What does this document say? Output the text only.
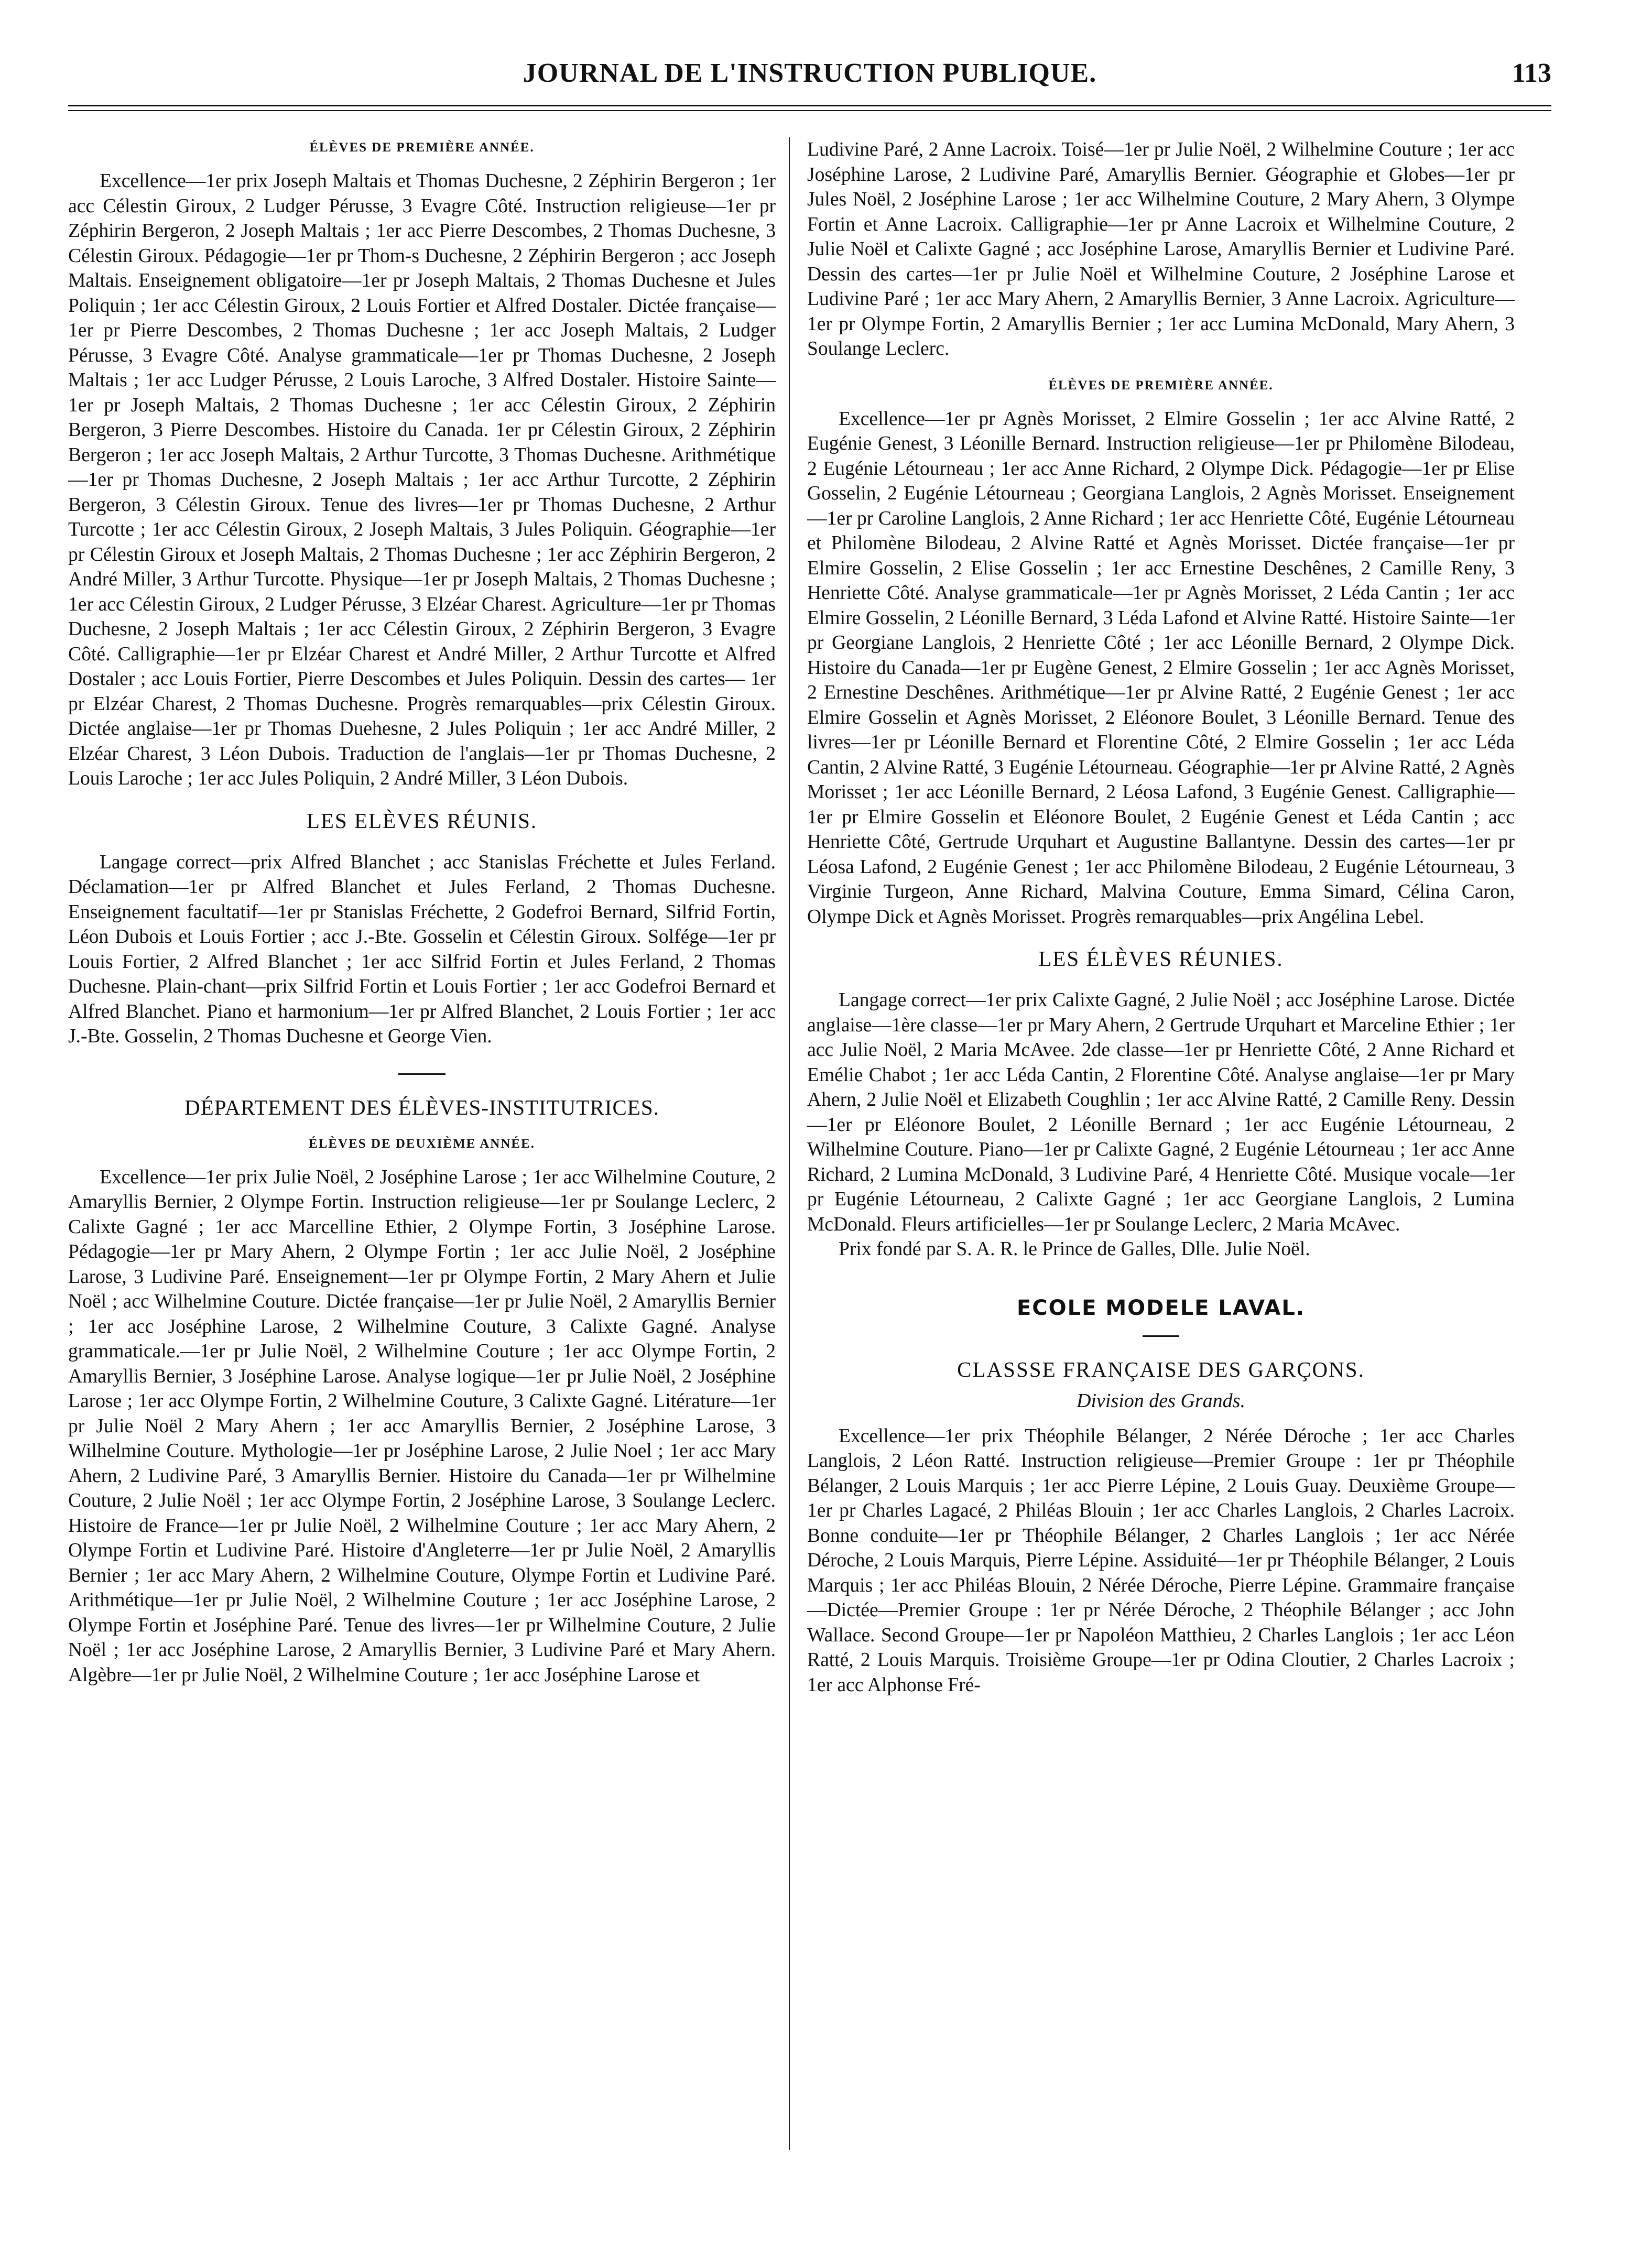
JOURNAL DE L'INSTRUCTION PUBLIQUE.	113
ÉLÈVES DE PREMIÈRE ANNÉE.

Excellence—1er prix Joseph Maltais et Thomas Duchesne, 2 Zéphirin Bergeron ; 1er acc Célestin Giroux, 2 Ludger Pérusse, 3 Evagre Côté. Instruction religieuse—1er pr Zéphirin Bergeron, 2 Joseph Maltais ; 1er acc Pierre Descombes, 2 Thomas Duchesne, 3 Célestin Giroux. Pédagogie—1er pr Thom-s Duchesne, 2 Zéphirin Bergeron ; acc Joseph Maltais. Enseignement obligatoire—1er pr Joseph Maltais, 2 Thomas Duchesne et Jules Poliquin ; 1er acc Célestin Giroux, 2 Louis Fortier et Alfred Dostaler. Dictée française—1er pr Pierre Descombes, 2 Thomas Duchesne ; 1er acc Joseph Maltais, 2 Ludger Pérusse, 3 Evagre Côté. Analyse grammaticale—1er pr Thomas Duchesne, 2 Joseph Maltais ; 1er acc Ludger Pérusse, 2 Louis Laroche, 3 Alfred Dostaler. Histoire Sainte—1er pr Joseph Maltais, 2 Thomas Duchesne ; 1er acc Célestin Giroux, 2 Zéphirin Bergeron, 3 Pierre Descombes. Histoire du Canada. 1er pr Célestin Giroux, 2 Zéphirin Bergeron ; 1er acc Joseph Maltais, 2 Arthur Turcotte, 3 Thomas Duchesne. Arithmétique—1er pr Thomas Duchesne, 2 Joseph Maltais ; 1er acc Arthur Turcotte, 2 Zéphirin Bergeron, 3 Célestin Giroux. Tenue des livres—1er pr Thomas Duchesne, 2 Arthur Turcotte ; 1er acc Célestin Giroux, 2 Joseph Maltais, 3 Jules Poliquin. Géographie—1er pr Célestin Giroux et Joseph Maltais, 2 Thomas Duchesne ; 1er acc Zéphirin Bergeron, 2 André Miller, 3 Arthur Turcotte. Physique—1er pr Joseph Maltais, 2 Thomas Duchesne ; 1er acc Célestin Giroux, 2 Ludger Pérusse, 3 Elzéar Charest. Agriculture—1er pr Thomas Duchesne, 2 Joseph Maltais ; 1er acc Célestin Giroux, 2 Zéphirin Bergeron, 3 Evagre Côté. Calligraphie—1er pr Elzéar Charest et André Miller, 2 Arthur Turcotte et Alfred Dostaler ; acc Louis Fortier, Pierre Descombes et Jules Poliquin. Dessin des cartes— 1er pr Elzéar Charest, 2 Thomas Duchesne. Progrès remarquables—prix Célestin Giroux. Dictée anglaise—1er pr Thomas Duehesne, 2 Jules Poliquin ; 1er acc André Miller, 2 Elzéar Charest, 3 Léon Dubois. Traduction de l'anglais—1er pr Thomas Duchesne, 2 Louis Laroche ; 1er acc Jules Poliquin, 2 André Miller, 3 Léon Dubois.

LES ELÈVES RÉUNIS.

Langage correct—prix Alfred Blanchet ; acc Stanislas Fréchette et Jules Ferland. Déclamation—1er pr Alfred Blanchet et Jules Ferland, 2 Thomas Duchesne. Enseignement facultatif—1er pr Stanislas Fréchette, 2 Godefroi Bernard, Silfrid Fortin, Léon Dubois et Louis Fortier ; acc J.-Bte. Gosselin et Célestin Giroux. Solfége—1er pr Louis Fortier, 2 Alfred Blanchet ; 1er acc Silfrid Fortin et Jules Ferland, 2 Thomas Duchesne. Plain-chant—prix Silfrid Fortin et Louis Fortier ; 1er acc Godefroi Bernard et Alfred Blanchet. Piano et harmonium—1er pr Alfred Blanchet, 2 Louis Fortier ; 1er acc J.-Bte. Gosselin, 2 Thomas Duchesne et George Vien.

DÉPARTEMENT DES ÉLÈVES-INSTITUTRICES.
ÉLÈVES DE DEUXIÈME ANNÉE.

Excellence—1er prix Julie Noël, 2 Joséphine Larose ; 1er acc Wilhelmine Couture, 2 Amaryllis Bernier, 2 Olympe Fortin. Instruction religieuse—1er pr Soulange Leclerc, 2 Calixte Gagné ; 1er acc Marcelline Ethier, 2 Olympe Fortin, 3 Joséphine Larose. Pédagogie—1er pr Mary Ahern, 2 Olympe Fortin ; 1er acc Julie Noël, 2 Joséphine Larose, 3 Ludivine Paré. Enseignement—1er pr Olympe Fortin, 2 Mary Ahern et Julie Noël ; acc Wilhelmine Couture. Dictée française—1er pr Julie Noël, 2 Amaryllis Bernier ; 1er acc Joséphine Larose, 2 Wilhelmine Couture, 3 Calixte Gagné. Analyse grammaticale.—1er pr Julie Noël, 2 Wilhelmine Couture ; 1er acc Olympe Fortin, 2 Amaryllis Bernier, 3 Joséphine Larose. Analyse logique—1er pr Julie Noël, 2 Joséphine Larose ; 1er acc Olympe Fortin, 2 Wilhelmine Couture, 3 Calixte Gagné. Litérature—1er pr Julie Noël 2 Mary Ahern ; 1er acc Amaryllis Bernier, 2 Joséphine Larose, 3 Wilhelmine Couture. Mythologie—1er pr Joséphine Larose, 2 Julie Noel ; 1er acc Mary Ahern, 2 Ludivine Paré, 3 Amaryllis Bernier. Histoire du Canada—1er pr Wilhelmine Couture, 2 Julie Noël ; 1er acc Olympe Fortin, 2 Joséphine Larose, 3 Soulange Leclerc. Histoire de France—1er pr Julie Noël, 2 Wilhelmine Couture ; 1er acc Mary Ahern, 2 Olympe Fortin et Ludivine Paré. Histoire d'Angleterre—1er pr Julie Noël, 2 Amaryllis Bernier ; 1er acc Mary Ahern, 2 Wilhelmine Couture, Olympe Fortin et Ludivine Paré. Arithmétique—1er pr Julie Noël, 2 Wilhelmine Couture ; 1er acc Joséphine Larose, 2 Olympe Fortin et Joséphine Paré. Tenue des livres—1er pr Wilhelmine Couture, 2 Julie Noël ; 1er acc Joséphine Larose, 2 Amaryllis Bernier, 3 Ludivine Paré et Mary Ahern. Algèbre—1er pr Julie Noël, 2 Wilhelmine Couture ; 1er acc Joséphine Larose et

Ludivine Paré, 2 Anne Lacroix. Toisé—1er pr Julie Noël, 2 Wilhelmine Couture ; 1er acc Joséphine Larose, 2 Ludivine Paré, Amaryllis Bernier. Géographie et Globes—1er pr Jules Noël, 2 Joséphine Larose ; 1er acc Wilhelmine Couture, 2 Mary Ahern, 3 Olympe Fortin et Anne Lacroix. Calligraphie—1er pr Anne Lacroix et Wilhelmine Couture, 2 Julie Noël et Calixte Gagné ; acc Joséphine Larose, Amaryllis Bernier et Ludivine Paré. Dessin des cartes—1er pr Julie Noël et Wilhelmine Couture, 2 Joséphine Larose et Ludivine Paré ; 1er acc Mary Ahern, 2 Amaryllis Bernier, 3 Anne Lacroix. Agriculture—1er pr Olympe Fortin, 2 Amaryllis Bernier ; 1er acc Lumina McDonald, Mary Ahern, 3 Soulange Leclerc.

ÉLÈVES DE PREMIÈRE ANNÉE.

Excellence—1er pr Agnès Morisset, 2 Elmire Gosselin ; 1er acc Alvine Ratté, 2 Eugénie Genest, 3 Léonille Bernard. Instruction religieuse—1er pr Philomène Bilodeau, 2 Eugénie Létourneau ; 1er acc Anne Richard, 2 Olympe Dick. Pédagogie—1er pr Elise Gosselin, 2 Eugénie Létourneau ; Georgiana Langlois, 2 Agnès Morisset. Enseignement—1er pr Caroline Langlois, 2 Anne Richard ; 1er acc Henriette Côté, Eugénie Létourneau et Philomène Bilodeau, 2 Alvine Ratté et Agnès Morisset. Dictée française—1er pr Elmire Gosselin, 2 Elise Gosselin ; 1er acc Ernestine Deschênes, 2 Camille Reny, 3 Henriette Côté. Analyse grammaticale—1er pr Agnès Morisset, 2 Léda Cantin ; 1er acc Elmire Gosselin, 2 Léonille Bernard, 3 Léda Lafond et Alvine Ratté. Histoire Sainte—1er pr Georgiane Langlois, 2 Henriette Côté ; 1er acc Léonille Bernard, 2 Olympe Dick. Histoire du Canada—1er pr Eugène Genest, 2 Elmire Gosselin ; 1er acc Agnès Morisset, 2 Ernestine Deschênes. Arithmétique—1er pr Alvine Ratté, 2 Eugénie Genest ; 1er acc Elmire Gosselin et Agnès Morisset, 2 Eléonore Boulet, 3 Léonille Bernard. Tenue des livres—1er pr Léonille Bernard et Florentine Côté, 2 Elmire Gosselin ; 1er acc Léda Cantin, 2 Alvine Ratté, 3 Eugénie Létourneau. Géographie—1er pr Alvine Ratté, 2 Agnès Morisset ; 1er acc Léonille Bernard, 2 Léosa Lafond, 3 Eugénie Genest. Calligraphie—1er pr Elmire Gosselin et Eléonore Boulet, 2 Eugénie Genest et Léda Cantin ; acc Henriette Côté, Gertrude Urquhart et Augustine Ballantyne. Dessin des cartes—1er pr Léosa Lafond, 2 Eugénie Genest ; 1er acc Philomène Bilodeau, 2 Eugénie Létourneau, 3 Virginie Turgeon, Anne Richard, Malvina Couture, Emma Simard, Célina Caron, Olympe Dick et Agnès Morisset. Progrès remarquables—prix Angélina Lebel.

LES ÉLÈVES RÉUNIES.

Langage correct—1er prix Calixte Gagné, 2 Julie Noël ; acc Joséphine Larose. Dictée anglaise—1ère classe—1er pr Mary Ahern, 2 Gertrude Urquhart et Marceline Ethier ; 1er acc Julie Noël, 2 Maria McAvee. 2de classe—1er pr Henriette Côté, 2 Anne Richard et Emélie Chabot ; 1er acc Léda Cantin, 2 Florentine Côté. Analyse anglaise—1er pr Mary Ahern, 2 Julie Noël et Elizabeth Coughlin ; 1er acc Alvine Ratté, 2 Camille Reny. Dessin—1er pr Eléonore Boulet, 2 Léonille Bernard ; 1er acc Eugénie Létourneau, 2 Wilhelmine Couture. Piano—1er pr Calixte Gagné, 2 Eugénie Létourneau ; 1er acc Anne Richard, 2 Lumina McDonald, 3 Ludivine Paré, 4 Henriette Côté. Musique vocale—1er pr Eugénie Létourneau, 2 Calixte Gagné ; 1er acc Georgiane Langlois, 2 Lumina McDonald. Fleurs artificielles—1er pr Soulange Leclerc, 2 Maria McAvec.

Prix fondé par S. A. R. le Prince de Galles, Dlle. Julie Noël.

ECOLE MODELE LAVAL.
CLASSSE FRANÇAISE DES GARÇONS.
Division des Grands.

Excellence—1er prix Théophile Bélanger, 2 Nérée Déroche ; 1er acc Charles Langlois, 2 Léon Ratté. Instruction religieuse—Premier Groupe : 1er pr Théophile Bélanger, 2 Louis Marquis ; 1er acc Pierre Lépine, 2 Louis Guay. Deuxième Groupe—1er pr Charles Lagacé, 2 Philéas Blouin ; 1er acc Charles Langlois, 2 Charles Lacroix. Bonne conduite—1er pr Théophile Bélanger, 2 Charles Langlois ; 1er acc Nérée Déroche, 2 Louis Marquis, Pierre Lépine. Assiduité—1er pr Théophile Bélanger, 2 Louis Marquis ; 1er acc Philéas Blouin, 2 Nérée Déroche, Pierre Lépine. Grammaire française—Dictée—Premier Groupe : 1er pr Nérée Déroche, 2 Théophile Bélanger ; acc John Wallace. Second Groupe—1er pr Napoléon Matthieu, 2 Charles Langlois ; 1er acc Léon Ratté, 2 Louis Marquis. Troisième Groupe—1er pr Odina Cloutier, 2 Charles Lacroix ; 1er acc Alphonse Fré-
